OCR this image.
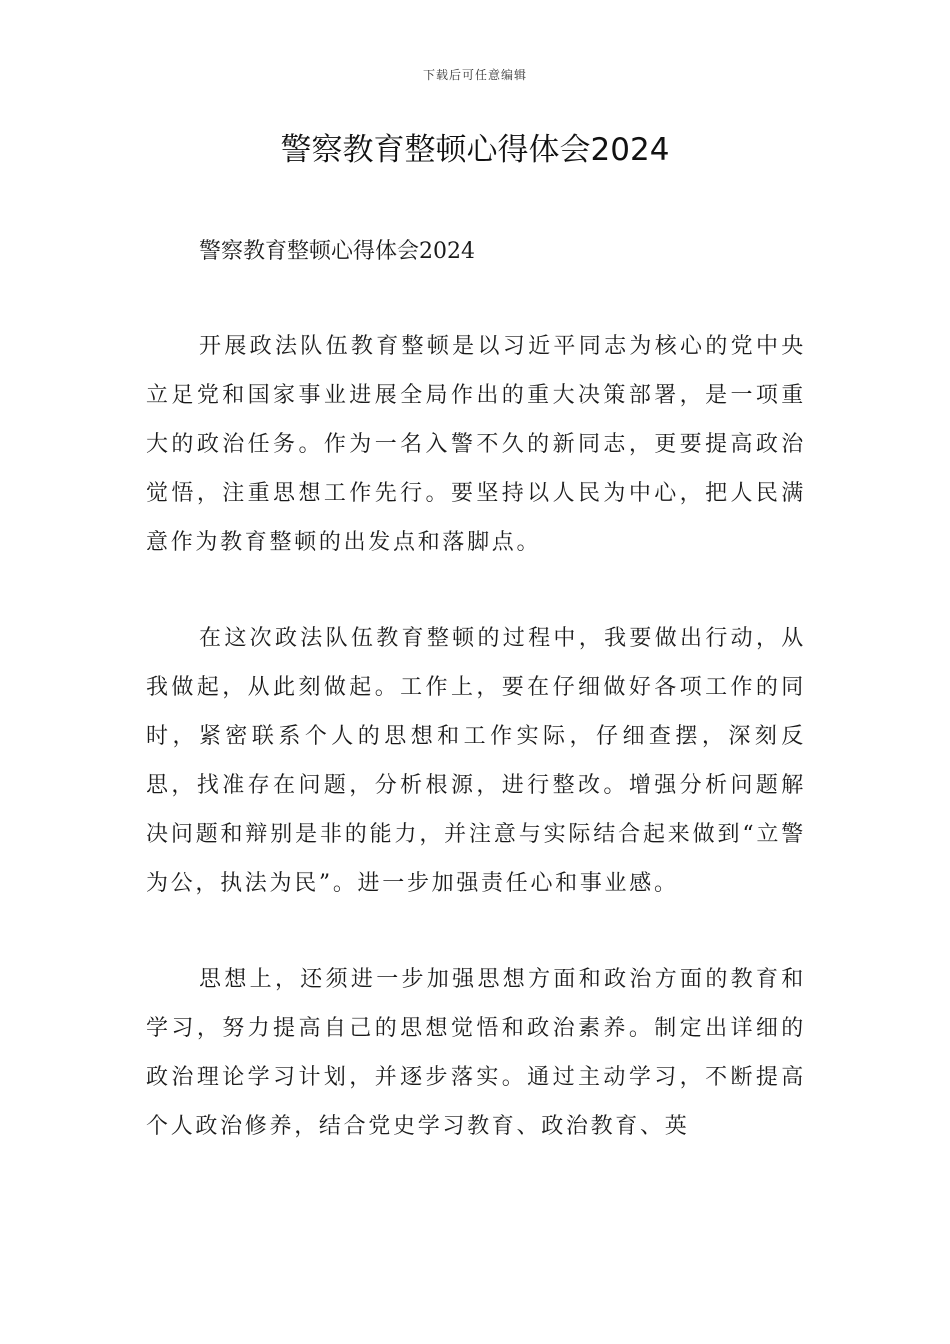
下载后可任意编辑
警察教育整顿心得体会2024

警察教育整顿心得体会2024

开展政法队伍教育整顿是以习近平同志为核心的党中央立足党和国家事业进展全局作出的重大决策部署，是一项重大的政治任务。作为一名入警不久的新同志，更要提高政治觉悟，注重思想工作先行。要坚持以人民为中心，把人民满意作为教育整顿的出发点和落脚点。

在这次政法队伍教育整顿的过程中，我要做出行动，从我做起，从此刻做起。工作上，要在仔细做好各项工作的同时，紧密联系个人的思想和工作实际，仔细查摆，深刻反思，找准存在问题，分析根源，进行整改。增强分析问题解决问题和辩别是非的能力，并注意与实际结合起来做到“立警为公，执法为民”。进一步加强责任心和事业感。

思想上，还须进一步加强思想方面和政治方面的教育和学习，努力提高自己的思想觉悟和政治素养。制定出详细的政治理论学习计划，并逐步落实。通过主动学习，不断提高个人政治修养，结合党史学习教育、政治教育、英
